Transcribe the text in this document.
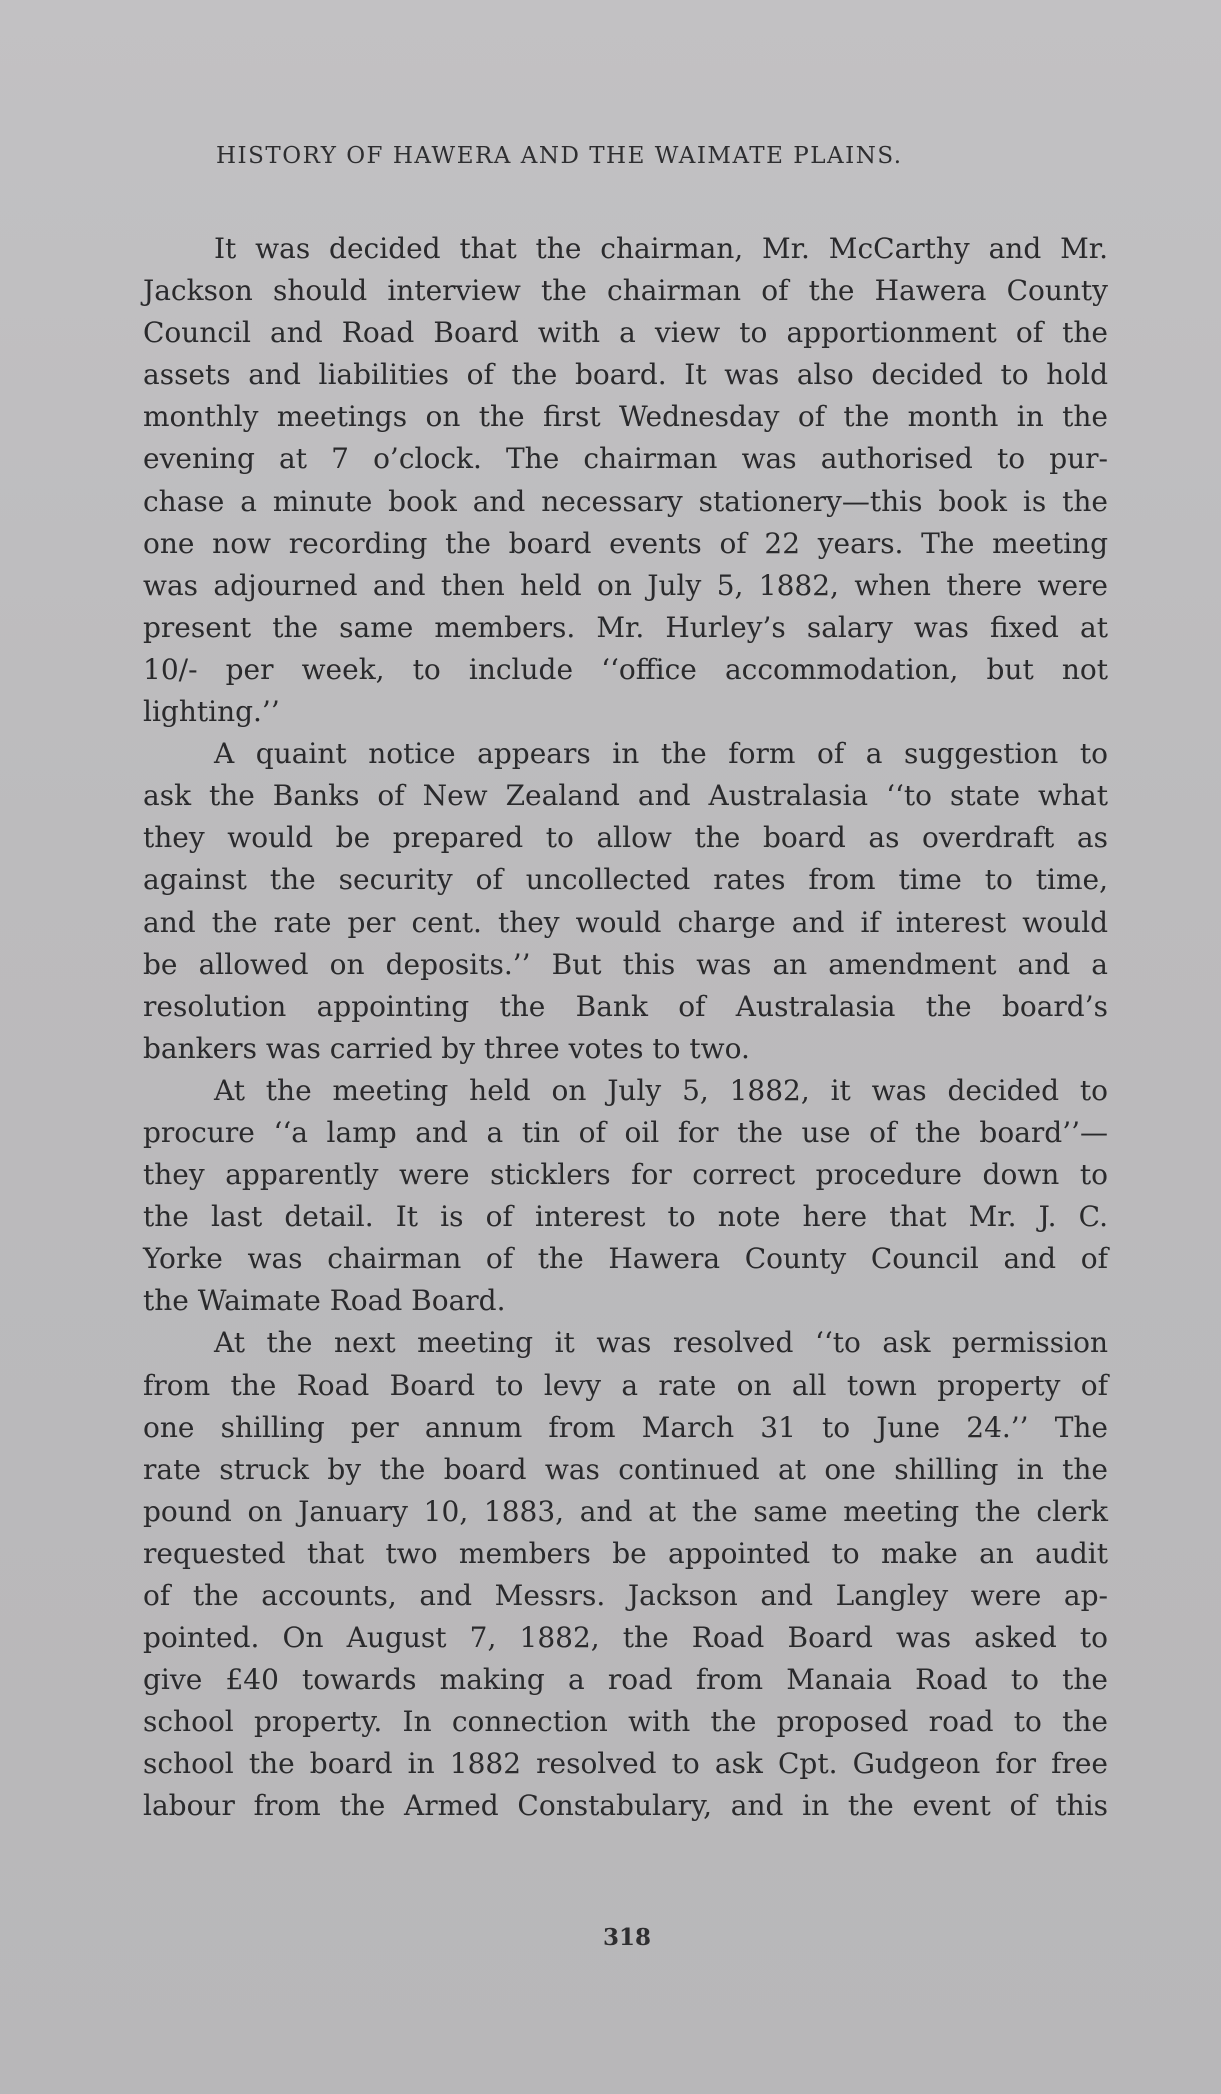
HISTORY OF HAWERA AND THE WAIMATE PLAINS.
It was decided that the chairman, Mr. McCarthy and Mr.
Jackson should interview the chairman of the Hawera County
Council and Road Board with a view to apportionment of the
assets and liabilities of the board. It was also decided to hold
monthly meetings on the first Wednesday of the month in the
evening at 7 o’clock. The chairman was authorised to pur-
chase a minute book and necessary stationery—this book is the
one now recording the board events of 22 years. The meeting
was adjourned and then held on July 5, 1882, when there were
present the same members. Mr. Hurley’s salary was fixed at
10/- per week, to include ‘‘office accommodation, but not
lighting.’’
A quaint notice appears in the form of a suggestion to
ask the Banks of New Zealand and Australasia ‘‘to state what
they would be prepared to allow the board as overdraft as
against the security of uncollected rates from time to time,
and the rate per cent. they would charge and if interest would
be allowed on deposits.’’ But this was an amendment and a
resolution appointing the Bank of Australasia the board’s
bankers was carried by three votes to two.
At the meeting held on July 5, 1882, it was decided to
procure ‘‘a lamp and a tin of oil for the use of the board’’—
they apparently were sticklers for correct procedure down to
the last detail. It is of interest to note here that Mr. J. C.
Yorke was chairman of the Hawera County Council and of
the Waimate Road Board.
At the next meeting it was resolved ‘‘to ask permission
from the Road Board to levy a rate on all town property of
one shilling per annum from March 31 to June 24.’’ The
rate struck by the board was continued at one shilling in the
pound on January 10, 1883, and at the same meeting the clerk
requested that two members be appointed to make an audit
of the accounts, and Messrs. Jackson and Langley were ap-
pointed. On August 7, 1882, the Road Board was asked to
give £40 towards making a road from Manaia Road to the
school property. In connection with the proposed road to the
school the board in 1882 resolved to ask Cpt. Gudgeon for free
labour from the Armed Constabulary, and in the event of this
318
